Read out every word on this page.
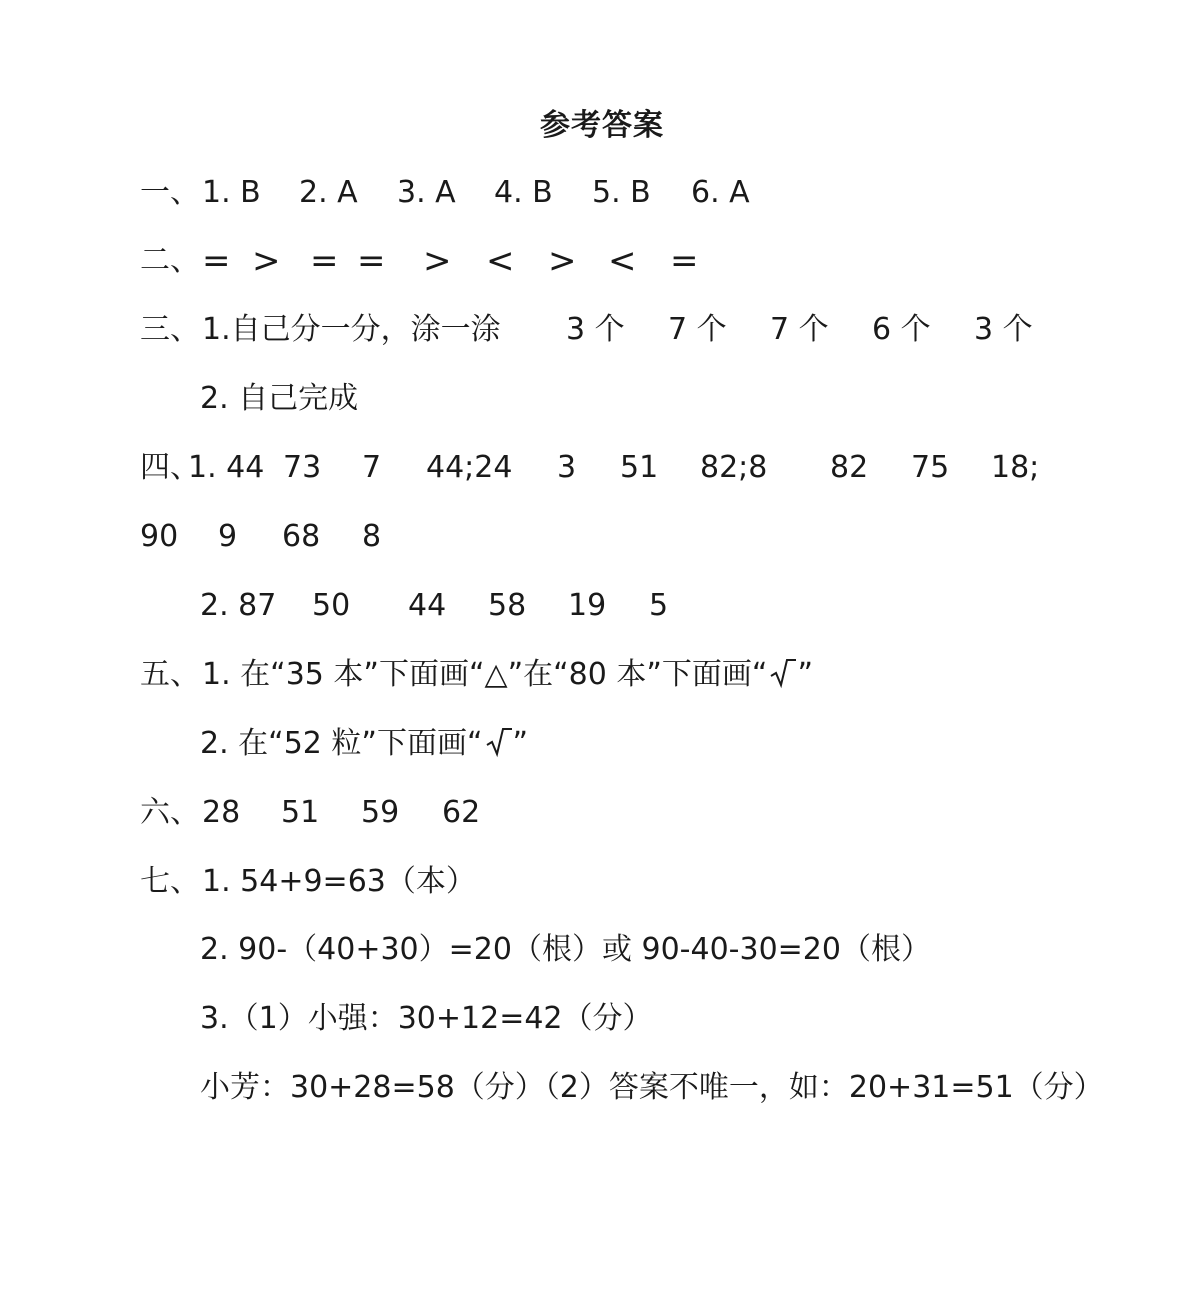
参考答案
一、 1. B 2. A 3. A 4. B 5. B 6. A
二、 = > = = > < > < =
三、 1.自己分一分，涂一涂 3 个 7 个 7 个 6 个 3 个
2. 自己完成
四、
1. 44 73 7 44;24 3 51 82;8 82 75 18;
90 9 68 8
2. 87 50 44 58 19 5
五、 1. 在“35 本”下面画“△”在“80 本”下面画“ ”
2. 在“52 粒”下面画“ ”
六、 28 51 59 62
七、 1. 54+9=63（本）
2. 90-（40+30）=20（根）或 90-40-30=20（根）
3.（1）小强：30+12=42（分）
小芳：30+28=58（分）（2）答案不唯一，如：20+31=51（分）
